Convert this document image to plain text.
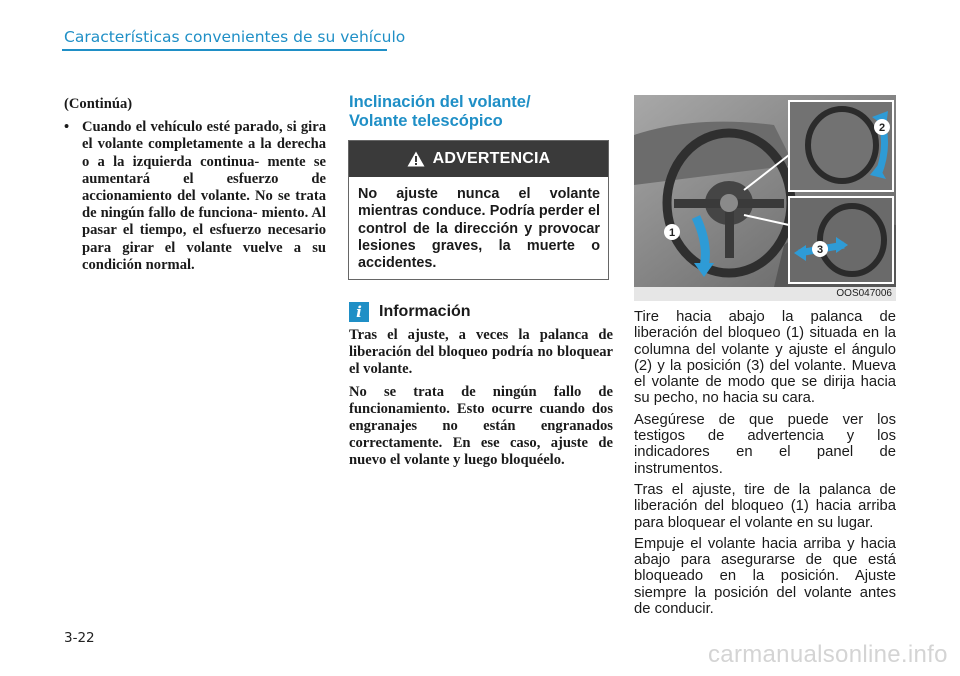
Características convenientes de su vehículo
(Continúa)
• Cuando el vehículo esté parado, si gira el volante completamente a la derecha o a la izquierda continua- mente se aumentará el esfuerzo de accionamiento del volante. No se trata de ningún fallo de funciona- miento. Al pasar el tiempo, el esfuerzo necesario para girar el volante vuelve a su condición normal.
Inclinación del volante/
Volante telescópico
ADVERTENCIA
No ajuste nunca el volante mientras conduce. Podría perder el control de la dirección y provocar lesiones graves, la muerte o accidentes.
i	Información

Tras el ajuste, a veces la palanca de liberación del bloqueo podría no bloquear el volante.

No se trata de ningún fallo de funcionamiento. Esto ocurre cuando dos engranajes no están engranados correctamente. En ese caso, ajuste de nuevo el volante y luego bloquéelo.

1
2
3
OOS047006

Tire hacia abajo la palanca de liberación del bloqueo (1) situada en la columna del volante y ajuste el ángulo (2) y la posición (3) del volante. Mueva el volante de modo que se dirija hacia su pecho, no hacia su cara.

Asegúrese de que puede ver los testigos de advertencia y los indicadores en el panel de instrumentos.

Tras el ajuste, tire de la palanca de liberación del bloqueo (1) hacia arriba para bloquear el volante en su lugar.

Empuje el volante hacia arriba y hacia abajo para asegurarse de que está bloqueado en la posición. Ajuste siempre la posición del volante antes de conducir.

3-22
carmanualsonline.info
